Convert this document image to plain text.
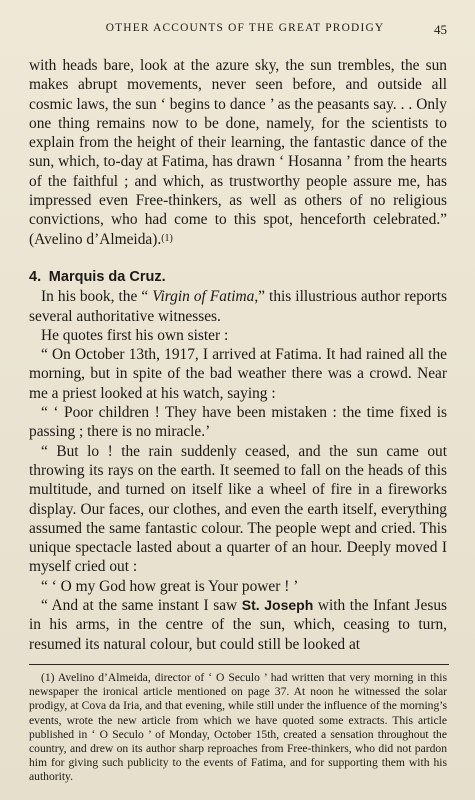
OTHER ACCOUNTS OF THE GREAT PRODIGY	45

with heads bare, look at the azure sky, the sun trembles, the sun makes abrupt movements, never seen before, and outside all cosmic laws, the sun ‘ begins to dance ’ as the peasants say. . . Only one thing remains now to be done, namely, for the scientists to explain from the height of their learning, the fantastic dance of the sun, which, to-day at Fatima, has drawn ‘ Hosanna ’ from the hearts of the faithful ; and which, as trustworthy people assure me, has impressed even Free-thinkers, as well as others of no religious convictions, who had come to this spot, henceforth celebrated.” (Avelino d’Almeida).$^{(1)}$

4. Marquis da Cruz.

In his book, the “ Virgin of Fatima,” this illustrious author reports several authoritative witnesses.

He quotes first his own sister :

“ On October 13th, 1917, I arrived at Fatima. It had rained all the morning, but in spite of the bad weather there was a crowd. Near me a priest looked at his watch, saying :

“ ‘ Poor children ! They have been mistaken : the time fixed is passing ; there is no miracle.’

“ But lo ! the rain suddenly ceased, and the sun came out throwing its rays on the earth. It seemed to fall on the heads of this multitude, and turned on itself like a wheel of fire in a fireworks display. Our faces, our clothes, and even the earth itself, everything assumed the same fantastic colour. The people wept and cried. This unique spectacle lasted about a quarter of an hour. Deeply moved I myself cried out :

“ ‘ O my God how great is Your power ! ’

“ And at the same instant I saw St. Joseph with the Infant Jesus in his arms, in the centre of the sun, which, ceasing to turn, resumed its natural colour, but could still be looked at

(1) Avelino d’Almeida, director of ‘ O Seculo ’ had written that very morning in this newspaper the ironical article mentioned on page 37. At noon he witnessed the solar prodigy, at Cova da Iria, and that evening, while still under the influence of the morning’s events, wrote the new article from which we have quoted some extracts. This article published in ‘ O Seculo ’ of Monday, October 15th, created a sensation throughout the country, and drew on its author sharp reproaches from Free-thinkers, who did not pardon him for giving such publicity to the events of Fatima, and for supporting them with his authority.
